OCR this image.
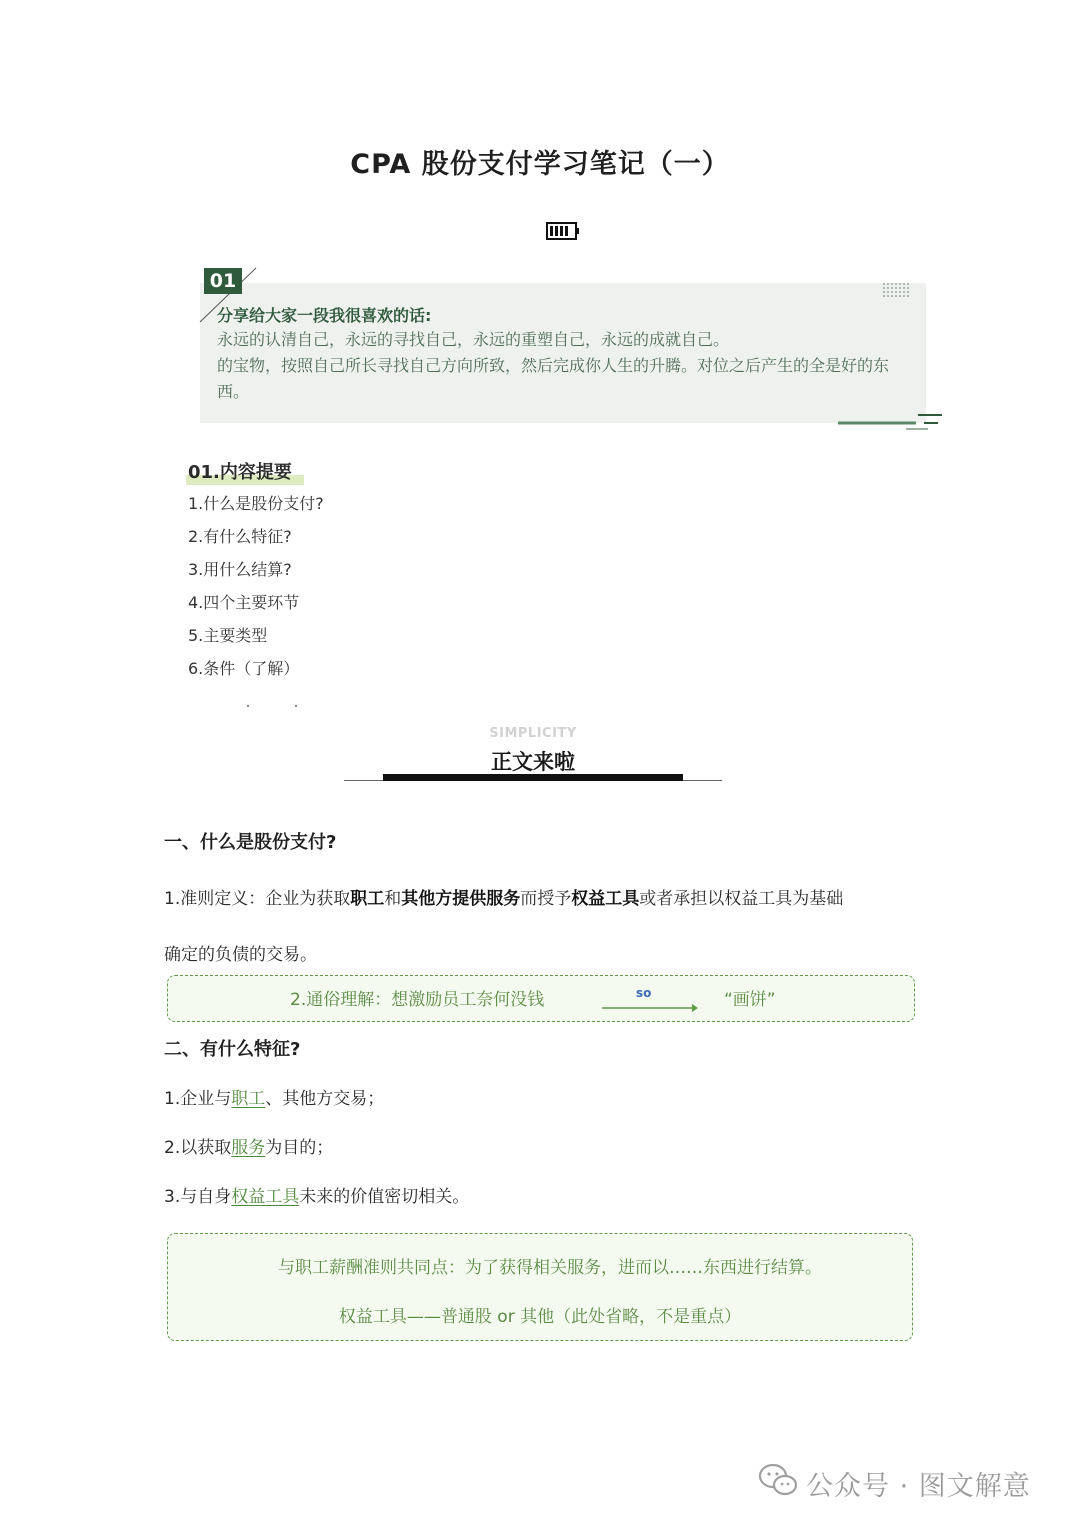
CPA 股份支付学习笔记（一）
01
分享给大家一段我很喜欢的话:
永远的认清自己，永远的寻找自己，永远的重塑自己，永远的成就自己。
的宝物，按照自己所长寻找自己方向所致，然后完成你人生的升腾。对位之后产生的全是好的东
西。
01.内容提要
1.什么是股份支付?
2.有什么特征?
3.用什么结算?
4.四个主要环节
5.主要类型
6.条件（了解）
SIMPLICITY
正文来啦
一、什么是股份支付?
1.准则定义：企业为获取职工和其他方提供服务而授予权益工具或者承担以权益工具为基础
确定的负债的交易。
2.通俗理解：想激励员工奈何没钱	so	“画饼”
二、有什么特征?
1.企业与职工、其他方交易；
2.以获取服务为目的；
3.与自身权益工具未来的价值密切相关。
与职工薪酬准则共同点：为了获得相关服务，进而以……东西进行结算。
权益工具——普通股 or 其他（此处省略，不是重点）
公众号 · 图文解意
